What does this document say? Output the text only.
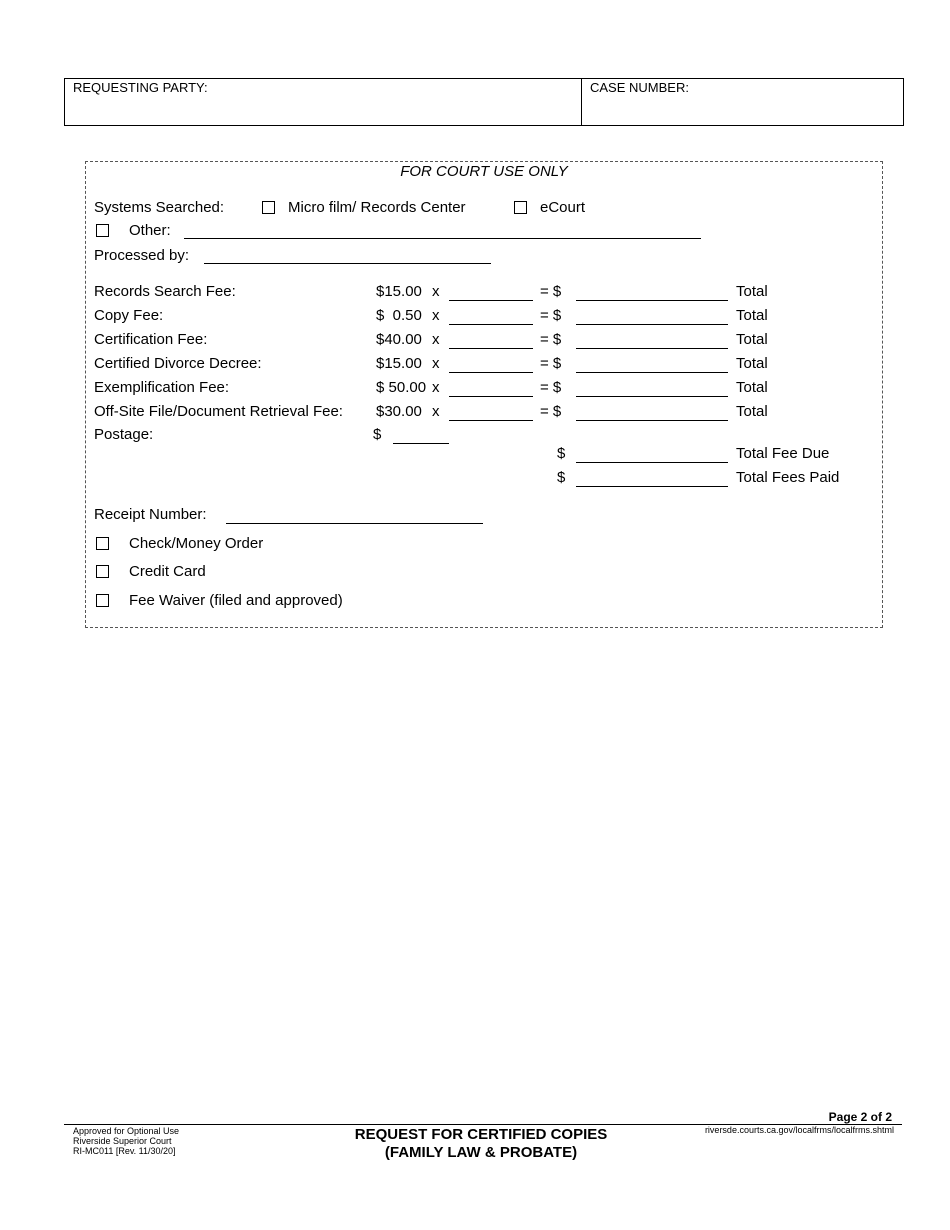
REQUESTING PARTY:	CASE NUMBER:
FOR COURT USE ONLY
Systems Searched:	Micro film/ Records Center	eCourt
Other:
Processed by:
Records Search Fee:	$15.00 x	= $	Total
Copy Fee:	$  0.50 x	= $	Total
Certification Fee:	$40.00 x	= $	Total
Certified Divorce Decree:	$15.00 x	= $	Total
Exemplification Fee:	$ 50.00 x	= $	Total
Off-Site File/Document Retrieval Fee: $30.00 x	= $	Total
Postage:	$
$	Total Fee Due
$	Total Fees Paid
Receipt Number:
Check/Money Order
Credit Card
Fee Waiver (filed and approved)
Page 2 of 2
Approved for Optional Use
Riverside Superior Court
RI-MC011 [Rev. 11/30/20]
REQUEST FOR CERTIFIED COPIES
(FAMILY LAW & PROBATE)
riversde.courts.ca.gov/localfrms/localfrms.shtml
